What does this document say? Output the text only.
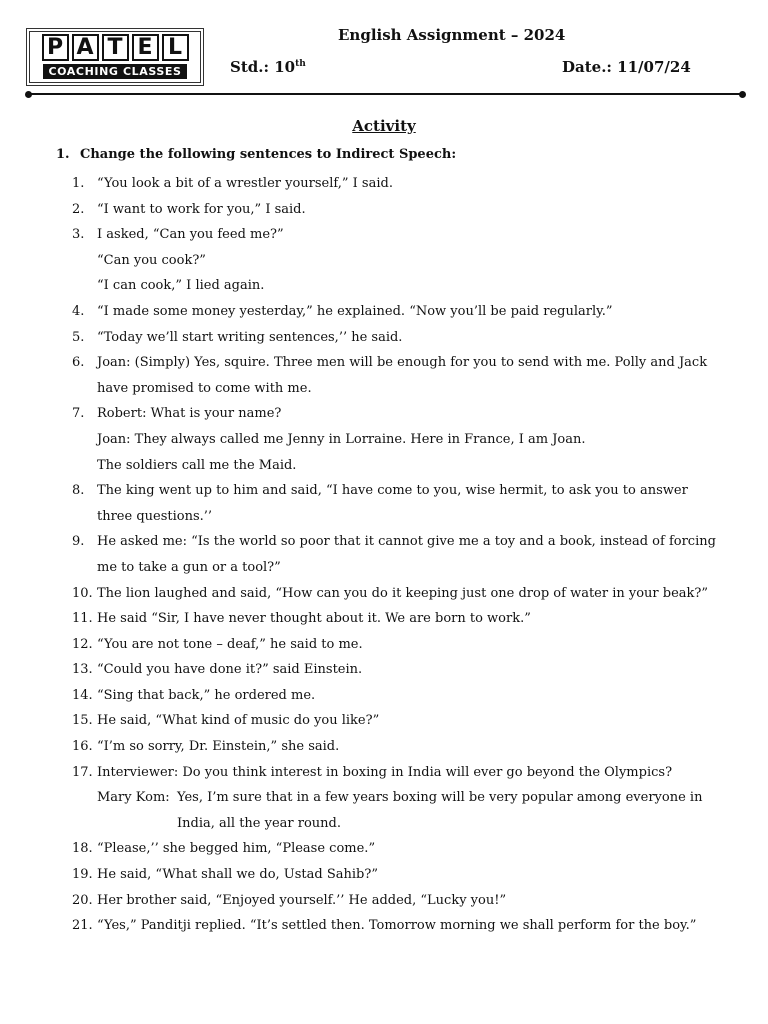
P A T E L
COACHING CLASSES
English Assignment – 2024
Std.: 10th	Date.: 11/07/24
Activity
1. Change the following sentences to Indirect Speech:
1. “You look a bit of a wrestler yourself,” I said.
2. “I want to work for you,” I said.
3. I asked, “Can you feed me?”
“Can you cook?”
“I can cook,” I lied again.
4. “I made some money yesterday,” he explained. “Now you’ll be paid regularly.”
5. “Today we’ll start writing sentences,’’ he said.
6. Joan: (Simply) Yes, squire. Three men will be enough for you to send with me. Polly and Jack
have promised to come with me.
7. Robert: What is your name?
Joan: They always called me Jenny in Lorraine. Here in France, I am Joan.
The soldiers call me the Maid.
8. The king went up to him and said, “I have come to you, wise hermit, to ask you to answer
three questions.’’
9. He asked me: “Is the world so poor that it cannot give me a toy and a book, instead of forcing
me to take a gun or a tool?”
10. The lion laughed and said, “How can you do it keeping just one drop of water in your beak?”
11. He said “Sir, I have never thought about it. We are born to work.”
12. “You are not tone – deaf,” he said to me.
13. “Could you have done it?” said Einstein.
14. “Sing that back,” he ordered me.
15. He said, “What kind of music do you like?”
16. “I’m so sorry, Dr. Einstein,” she said.
17. Interviewer: Do you think interest in boxing in India will ever go beyond the Olympics?
Mary Kom: Yes, I’m sure that in a few years boxing will be very popular among everyone in
India, all the year round.
18. “Please,’’ she begged him, “Please come.”
19. He said, “What shall we do, Ustad Sahib?”
20. Her brother said, “Enjoyed yourself.’’ He added, “Lucky you!”
21. “Yes,” Panditji replied. “It’s settled then. Tomorrow morning we shall perform for the boy.”
